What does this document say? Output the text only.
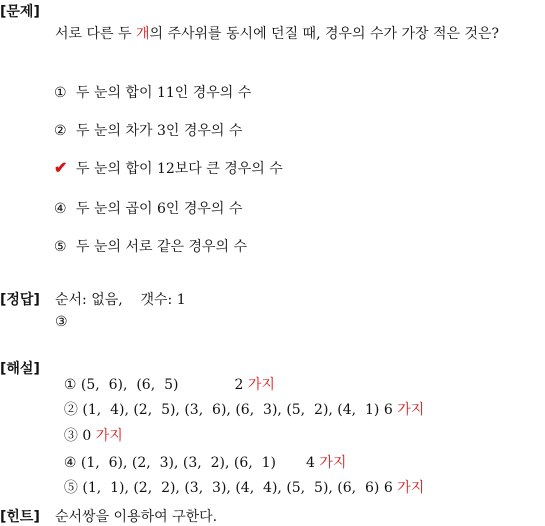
[문제]
서로 다른 두 개의 주사위를 동시에 던질 때, 경우의 수가 가장 적은 것은?
① 두 눈의 합이 11인 경우의 수
② 두 눈의 차가 3인 경우의 수
✔ 두 눈의 합이 12보다 큰 경우의 수
④ 두 눈의 곱이 6인 경우의 수
⑤ 두 눈의 서로 같은 경우의 수
[정답] 순서: 없음,    갯수: 1
③
[해설]

① (5,  6),  (6,  5)	2 가지

② (1,  4), (2,  5), (3,  6), (6,  3), (5,  2), (4,  1) 6 가지

③ 0 가지

④ (1,  6), (2,  3), (3,  2), (6,  1) 4 가지

⑤ (1,  1), (2,  2), (3,  3), (4,  4), (5,  5), (6,  6) 6 가지

[힌트] 순서쌍을 이용하여 구한다.
